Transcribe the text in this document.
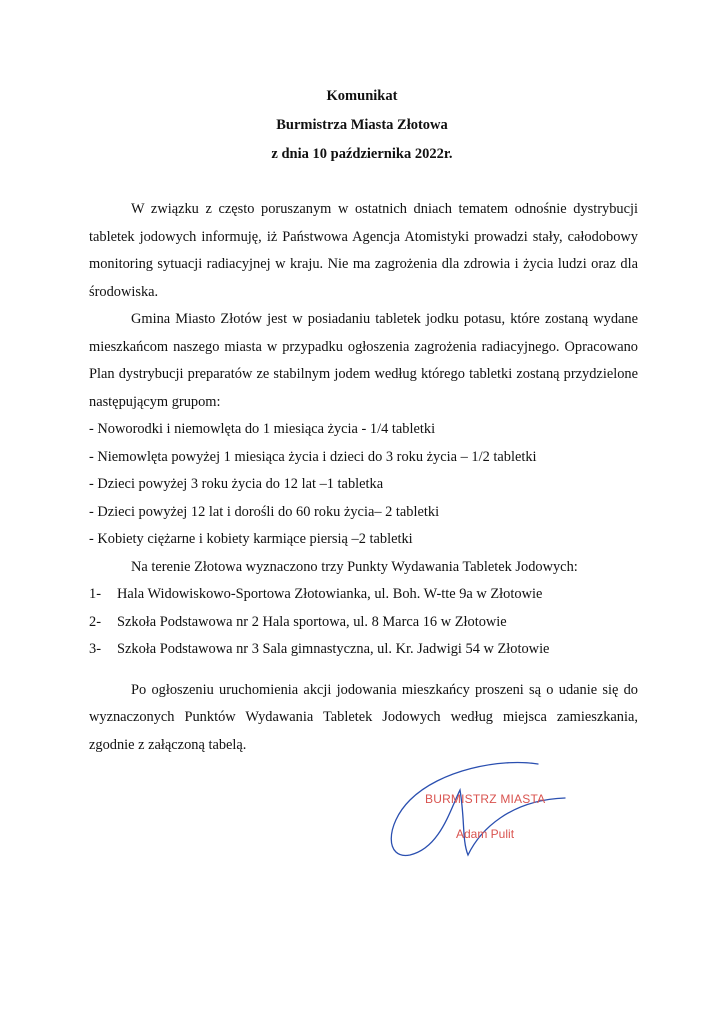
Komunikat
Burmistrza Miasta Złotowa
z dnia 10 października 2022r.

W związku z często poruszanym w ostatnich dniach tematem odnośnie dystrybucji tabletek jodowych informuję, iż Państwowa Agencja Atomistyki prowadzi stały, całodobowy monitoring sytuacji radiacyjnej w kraju. Nie ma zagrożenia dla zdrowia i życia ludzi oraz dla środowiska.

Gmina Miasto Złotów jest w posiadaniu tabletek jodku potasu, które zostaną wydane mieszkańcom naszego miasta w przypadku ogłoszenia zagrożenia radiacyjnego. Opracowano Plan dystrybucji preparatów ze stabilnym jodem według którego tabletki zostaną przydzielone następującym grupom:

- Noworodki i niemowlęta do 1 miesiąca życia - 1/4 tabletki

- Niemowlęta powyżej 1 miesiąca życia i dzieci do 3 roku życia – 1/2 tabletki

- Dzieci powyżej 3 roku życia do 12 lat –1 tabletka

- Dzieci powyżej 12 lat i dorośli do 60 roku życia– 2 tabletki

- Kobiety ciężarne i kobiety karmiące piersią –2 tabletki

Na terenie Złotowa wyznaczono trzy Punkty Wydawania Tabletek Jodowych:

1-	Hala Widowiskowo-Sportowa Złotowianka, ul. Boh. W-tte 9a w Złotowie
2-	Szkoła Podstawowa nr 2 Hala sportowa, ul. 8 Marca 16 w Złotowie
3-	Szkoła Podstawowa nr 3 Sala gimnastyczna, ul. Kr. Jadwigi 54 w Złotowie

Po ogłoszeniu uruchomienia akcji jodowania mieszkańcy proszeni są o udanie się do wyznaczonych Punktów Wydawania Tabletek Jodowych według miejsca zamieszkania, zgodnie z załączoną tabelą.

BURMISTRZ MIASTA
Adam Pulit
